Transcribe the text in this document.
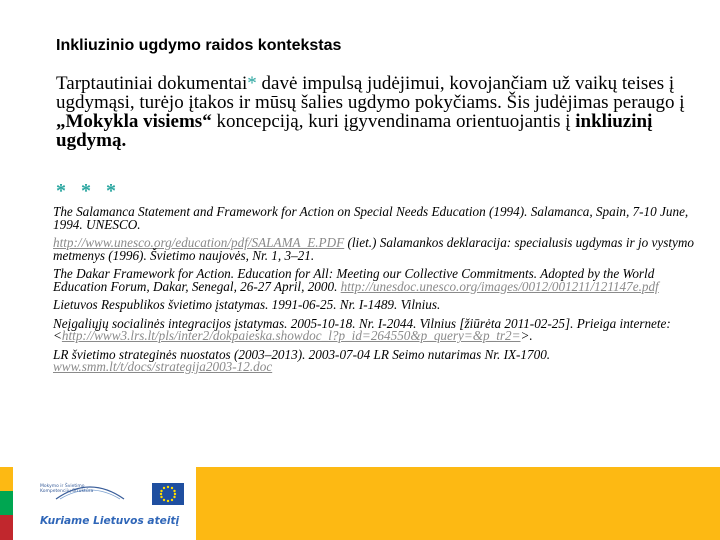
Inkliuzinio ugdymo raidos kontekstas
Tarptautiniai dokumentai* davė impulsą judėjimui, kovojančiam už vaikų teises į ugdymąsi, turėjo įtakos ir mūsų šalies ugdymo pokyčiams. Šis judėjimas peraugo į „Mokykla visiems“ koncepciją, kuri įgyvendinama orientuojantis į inkliuzinį ugdymą.
* * *

The Salamanca Statement and Framework for Action on Special Needs Education (1994). Salamanca, Spain, 7-10 June, 1994. UNESCO.

http://www.unesco.org/education/pdf/SALAMA_E.PDF (liet.) Salamankos deklaracija: specialusis ugdymas ir jo vystymo metmenys (1996). Švietimo naujovės, Nr. 1, 3–21.

The Dakar Framework for Action. Education for All: Meeting our Collective Commitments. Adopted by the World Education Forum, Dakar, Senegal, 26-27 April, 2000. http://unesdoc.unesco.org/images/0012/001211/121147e.pdf

Lietuvos Respublikos švietimo įstatymas. 1991-06-25. Nr. I-1489. Vilnius.

Neįgaliųjų socialinės integracijos įstatymas. 2005-10-18. Nr. I-2044. Vilnius [žiūrėta 2011-02-25]. Prieiga internete: <http://www3.lrs.lt/pls/inter2/dokpaieska.showdoc_l?p_id=264550&p_query=&p_tr2=>.

LR švietimo strateginės nuostatos (2003–2013). 2003-07-04 LR Seimo nutarimas Nr. IX-1700. www.smm.lt/t/docs/strategija2003-12.doc

Mokymo ir Švietimo
Kompetencijų Struktūra
Kuriame Lietuvos ateitį
